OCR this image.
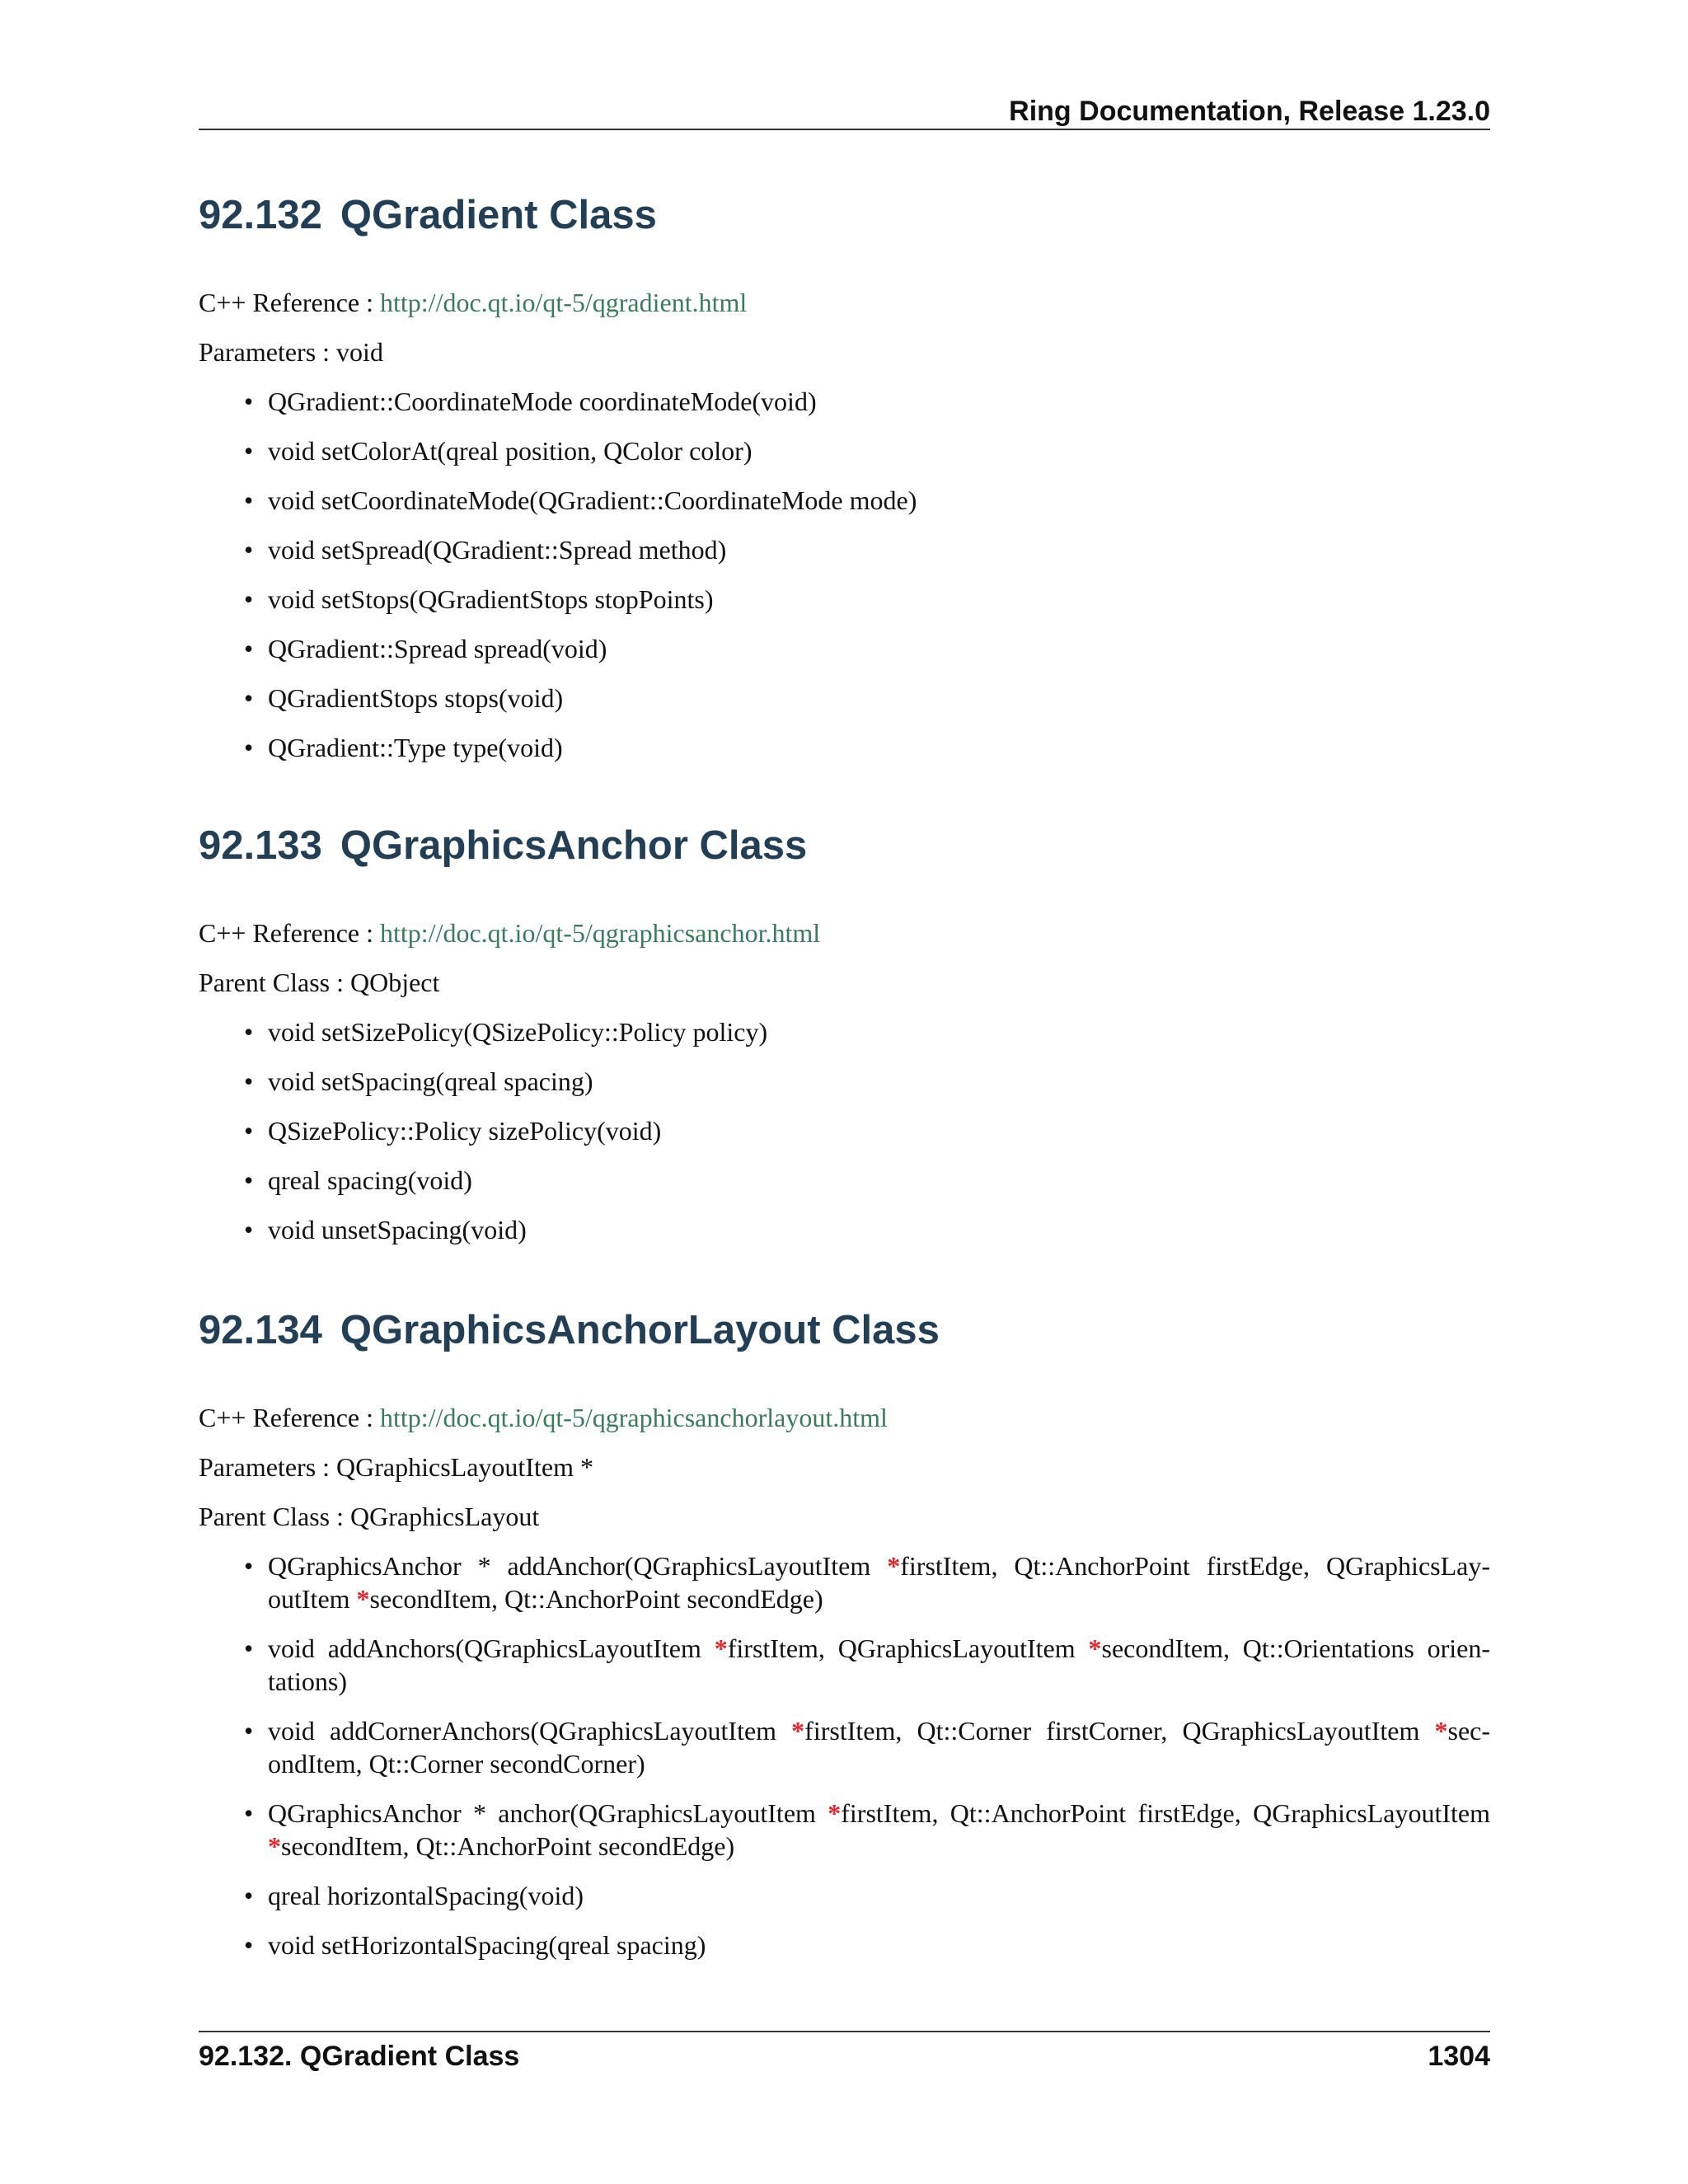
Ring Documentation, Release 1.23.0
92.132 QGradient Class
C++ Reference : http://doc.qt.io/qt-5/qgradient.html
Parameters : void
• QGradient::CoordinateMode coordinateMode(void)
• void setColorAt(qreal position, QColor color)
• void setCoordinateMode(QGradient::CoordinateMode mode)
• void setSpread(QGradient::Spread method)
• void setStops(QGradientStops stopPoints)
• QGradient::Spread spread(void)
• QGradientStops stops(void)
• QGradient::Type type(void)
92.133 QGraphicsAnchor Class
C++ Reference : http://doc.qt.io/qt-5/qgraphicsanchor.html
Parent Class : QObject
• void setSizePolicy(QSizePolicy::Policy policy)
• void setSpacing(qreal spacing)
• QSizePolicy::Policy sizePolicy(void)
• qreal spacing(void)
• void unsetSpacing(void)
92.134 QGraphicsAnchorLayout Class
C++ Reference : http://doc.qt.io/qt-5/qgraphicsanchorlayout.html
Parameters : QGraphicsLayoutItem *
Parent Class : QGraphicsLayout
• QGraphicsAnchor * addAnchor(QGraphicsLayoutItem *firstItem, Qt::AnchorPoint firstEdge, QGraphicsLay-outItem *secondItem, Qt::AnchorPoint secondEdge)
• void addAnchors(QGraphicsLayoutItem *firstItem, QGraphicsLayoutItem *secondItem, Qt::Orientations orien-tations)
• void addCornerAnchors(QGraphicsLayoutItem *firstItem, Qt::Corner firstCorner, QGraphicsLayoutItem *sec-ondItem, Qt::Corner secondCorner)
• QGraphicsAnchor * anchor(QGraphicsLayoutItem *firstItem, Qt::AnchorPoint firstEdge, QGraphicsLayoutItem *secondItem, Qt::AnchorPoint secondEdge)
• qreal horizontalSpacing(void)
• void setHorizontalSpacing(qreal spacing)
92.132. QGradient Class	1304
